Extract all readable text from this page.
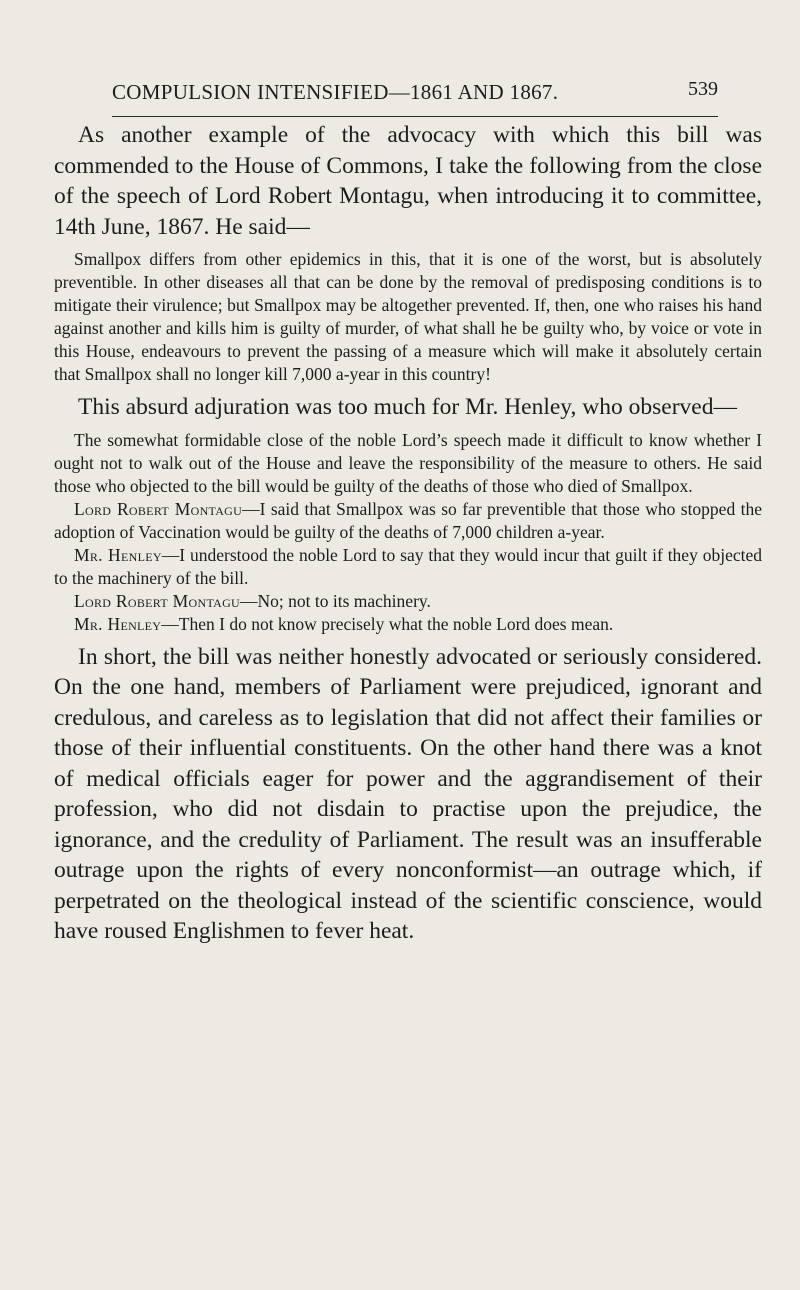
COMPULSION INTENSIFIED—1861 AND 1867.	539

As another example of the advocacy with which this bill was commended to the House of Commons, I take the following from the close of the speech of Lord Robert Montagu, when introducing it to committee, 14th June, 1867. He said—

Smallpox differs from other epidemics in this, that it is one of the worst, but is absolutely preventible. In other diseases all that can be done by the removal of predisposing conditions is to mitigate their virulence; but Smallpox may be altogether prevented. If, then, one who raises his hand against another and kills him is guilty of murder, of what shall he be guilty who, by voice or vote in this House, endeavours to prevent the passing of a measure which will make it absolutely certain that Smallpox shall no longer kill 7,000 a-year in this country!

This absurd adjuration was too much for Mr. Henley, who observed—

The somewhat formidable close of the noble Lord’s speech made it difficult to know whether I ought not to walk out of the House and leave the responsibility of the measure to others. He said those who objected to the bill would be guilty of the deaths of those who died of Smallpox.

Lord Robert Montagu—I said that Smallpox was so far preventible that those who stopped the adoption of Vaccination would be guilty of the deaths of 7,000 children a-year.

Mr. Henley—I understood the noble Lord to say that they would incur that guilt if they objected to the machinery of the bill.

Lord Robert Montagu—No; not to its machinery.

Mr. Henley—Then I do not know precisely what the noble Lord does mean.

In short, the bill was neither honestly advocated or seriously considered. On the one hand, members of Parliament were prejudiced, ignorant and credulous, and careless as to legislation that did not affect their families or those of their influential constituents. On the other hand there was a knot of medical officials eager for power and the aggrandisement of their profession, who did not disdain to practise upon the prejudice, the ignorance, and the credulity of Parliament. The result was an insufferable outrage upon the rights of every nonconformist—an outrage which, if perpetrated on the theological instead of the scientific conscience, would have roused Englishmen to fever heat.
